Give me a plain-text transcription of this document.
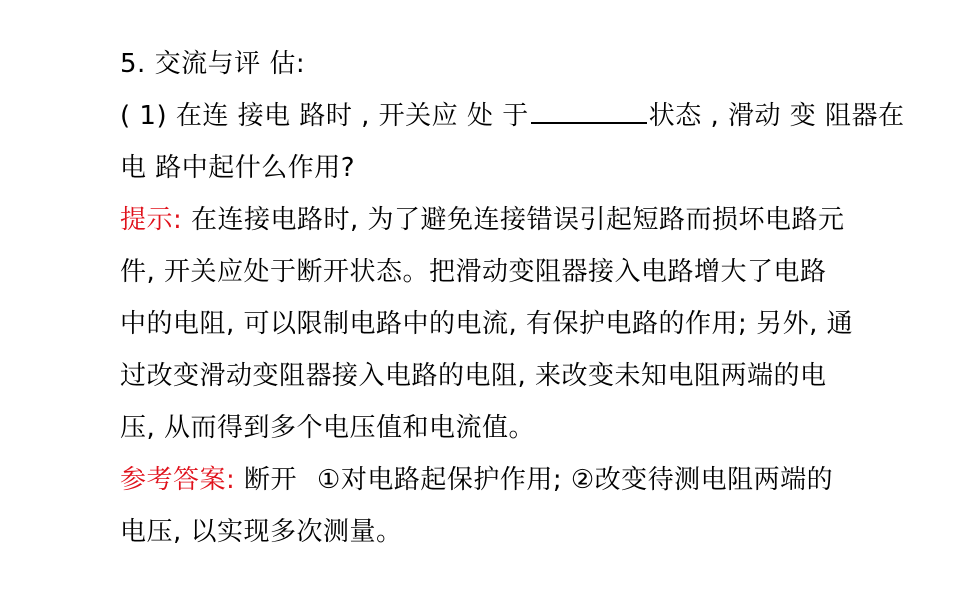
5. 交流与评 估:
( 1) 在连 接电 路时 , 开关应 处 于	状态 , 滑动 变 阻器在
电 路中起什么作用?
提示: 在连接电路时, 为了避免连接错误引起短路而损坏电路元
件, 开关应处于断开状态。把滑动变阻器接入电路增大了电路
中的电阻, 可以限制电路中的电流, 有保护电路的作用; 另外, 通
过改变滑动变阻器接入电路的电阻, 来改变未知电阻两端的电
压, 从而得到多个电压值和电流值。
参考答案: 断开 ①对电路起保护作用; ②改变待测电阻两端的
电压, 以实现多次测量。
